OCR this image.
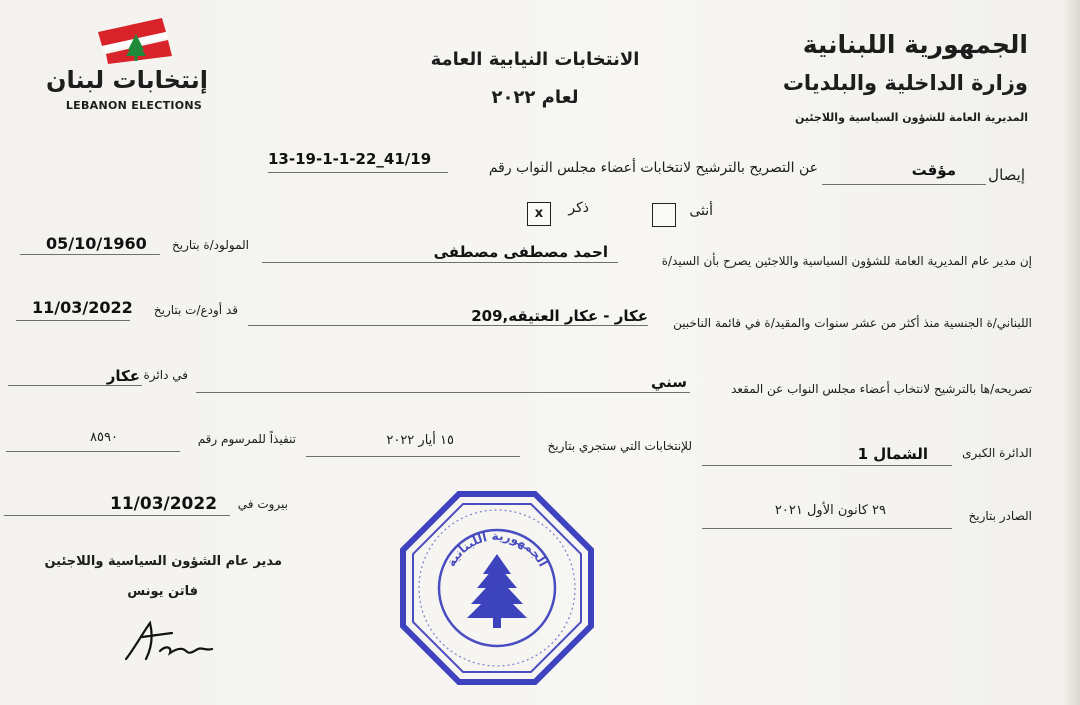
الجمهورية اللبنانية
وزارة الداخلية والبلديات
المديرية العامة للشؤون السياسية واللاجئين
الانتخابات النيابية العامة
لعام ٢٠٢٢
إنتخابات لبنان
LEBANON ELECTIONS
إيصال
مؤقت
عن التصريح بالترشيح لانتخابات أعضاء مجلس النواب رقم
13-19-1-1-22_41/19
ذكر
x	أنثى
إن مدير عام المديرية العامة للشؤون السياسية واللاجئين يصرح بأن السيد/ة
احمد مصطفى مصطفى
المولود/ة بتاريخ
05/10/1960
اللبناني/ة الجنسية منذ أكثر من عشر سنوات والمقيد/ة في قائمة الناخبين
عكار - عكار العتيقه,209
قد أودع/ت بتاريخ
11/03/2022
تصريحه/ها بالترشيح لانتخاب أعضاء مجلس النواب عن المقعد
سني
في دائرة
عكار
الدائرة الكبرى
الشمال 1
للإنتخابات التي ستجري بتاريخ
١٥ أيار ٢٠٢٢
تنفيذاً للمرسوم رقم
٨٥٩٠
الصادر بتاريخ
٢٩ كانون الأول ٢٠٢١
بيروت في
11/03/2022
مدير عام الشؤون السياسية واللاجئين
فاتن يونس
الجمهورية اللبنانية
